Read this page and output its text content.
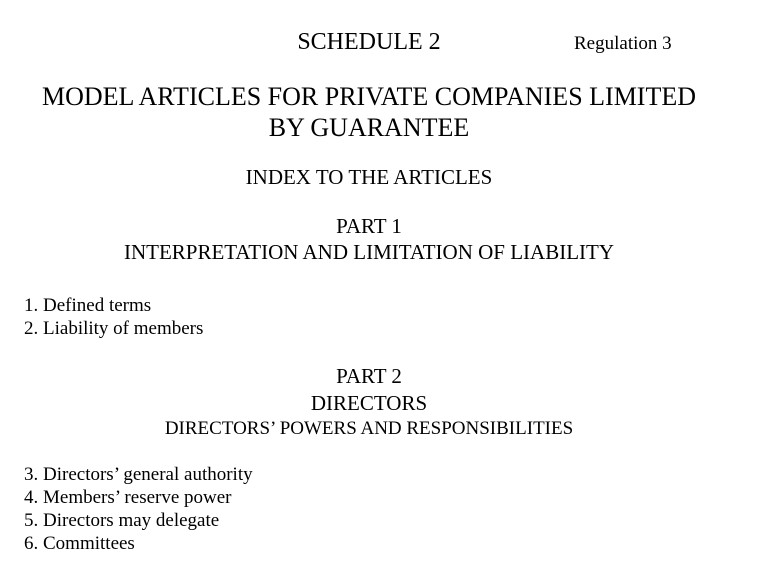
SCHEDULE 2	Regulation 3
MODEL ARTICLES FOR PRIVATE COMPANIES LIMITED
BY GUARANTEE
INDEX TO THE ARTICLES
PART 1
INTERPRETATION AND LIMITATION OF LIABILITY
1. Defined terms
2. Liability of members
PART 2
DIRECTORS
DIRECTORS’ POWERS AND RESPONSIBILITIES
3. Directors’ general authority
4. Members’ reserve power
5. Directors may delegate
6. Committees
